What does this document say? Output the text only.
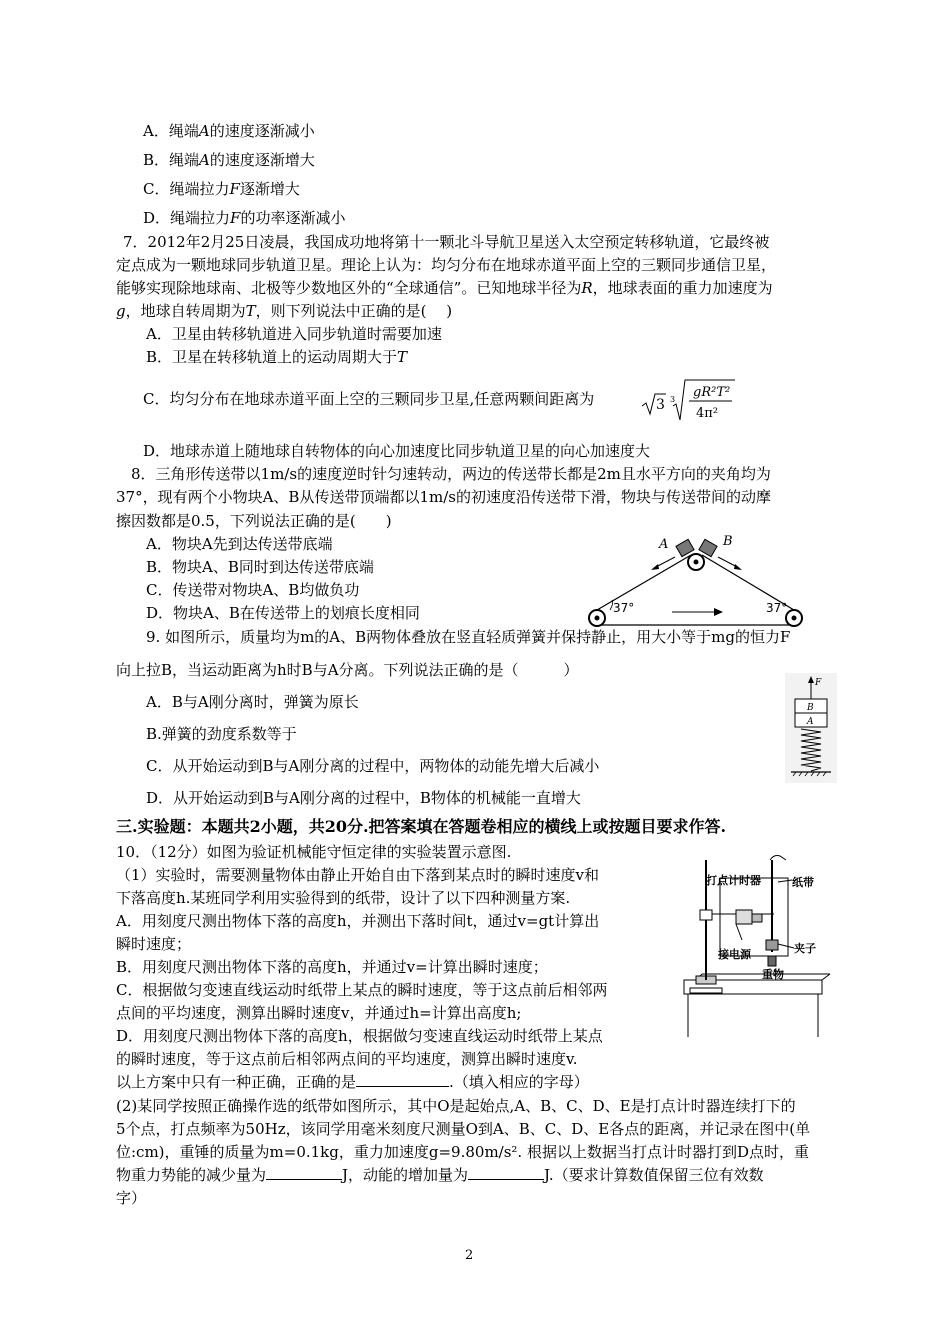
A．绳端A的速度逐渐减小
B．绳端A的速度逐渐增大
C．绳端拉力F逐渐增大
D．绳端拉力F的功率逐渐减小
7．2012年2月25日凌晨，我国成功地将第十一颗北斗导航卫星送入太空预定转移轨道，它最终被
定点成为一颗地球同步轨道卫星。理论上认为：均匀分布在地球赤道平面上空的三颗同步通信卫星，
能够实现除地球南、北极等少数地区外的“全球通信”。已知地球半径为R，地球表面的重力加速度为
g，地球自转周期为T，则下列说法中正确的是(　 )
A．卫星由转移轨道进入同步轨道时需要加速
B．卫星在转移轨道上的运动周期大于T
C．均匀分布在地球赤道平面上空的三颗同步卫星,任意两颗间距离为	3 3 gR²T²
4π²
D．地球赤道上随地球自转物体的向心加速度比同步轨道卫星的向心加速度大
8．三角形传送带以1m/s的速度逆时针匀速转动，两边的传送带长都是2m且水平方向的夹角均为
37°，现有两个小物块A、B从传送带顶端都以1m/s的初速度沿传送带下滑，物块与传送带间的动摩
擦因数都是0.5，下列说法正确的是(　　)
A．物块A先到达传送带底端
B．物块A、B同时到达传送带底端
C．传送带对物块A、B均做负功
D．物块A、B在传送带上的划痕长度相同
A	B
37°	37°
9. 如图所示，质量均为m的A、B两物体叠放在竖直轻质弹簧并保持静止，用大小等于mg的恒力F
向上拉B，当运动距离为h时B与A分离。下列说法正确的是（　　　）
A．B与A刚分离时，弹簧为原长
B.弹簧的劲度系数等于
C．从开始运动到B与A刚分离的过程中，两物体的动能先增大后减小
D．从开始运动到B与A刚分离的过程中，B物体的机械能一直增大
F
B
A
三.实验题：本题共2小题，共20分.把答案填在答题卷相应的横线上或按题目要求作答.
10．（12分）如图为验证机械能守恒定律的实验装置示意图.
（1）实验时，需要测量物体由静止开始自由下落到某点时的瞬时速度v和
下落高度h.某班同学利用实验得到的纸带，设计了以下四种测量方案.
A．用刻度尺测出物体下落的高度h，并测出下落时间t，通过v=gt计算出
瞬时速度；
B．用刻度尺测出物体下落的高度h，并通过v=计算出瞬时速度；
C．根据做匀变速直线运动时纸带上某点的瞬时速度，等于这点前后相邻两
点间的平均速度，测算出瞬时速度v，并通过h=计算出高度h;
D．用刻度尺测出物体下落的高度h，根据做匀变速直线运动时纸带上某点
的瞬时速度，等于这点前后相邻两点间的平均速度，测算出瞬时速度v.
以上方案中只有一种正确，正确的是	.（填入相应的字母）
(2)某同学按照正确操作选的纸带如图所示，其中O是起始点,A、B、C、D、E是打点计时器连续打下的
5个点，打点频率为50Hz，该同学用毫米刻度尺测量O到A、B、C、D、E各点的距离，并记录在图中(单
位:cm)，重锤的质量为m=0.1kg，重力加速度g=9.80m/s². 根据以上数据当打点计时器打到D点时，重
物重力势能的减少量为	J，动能的增加量为	J.（要求计算数值保留三位有效数
字）
打点计时器	纸带
接电源	夹子
重物
2
